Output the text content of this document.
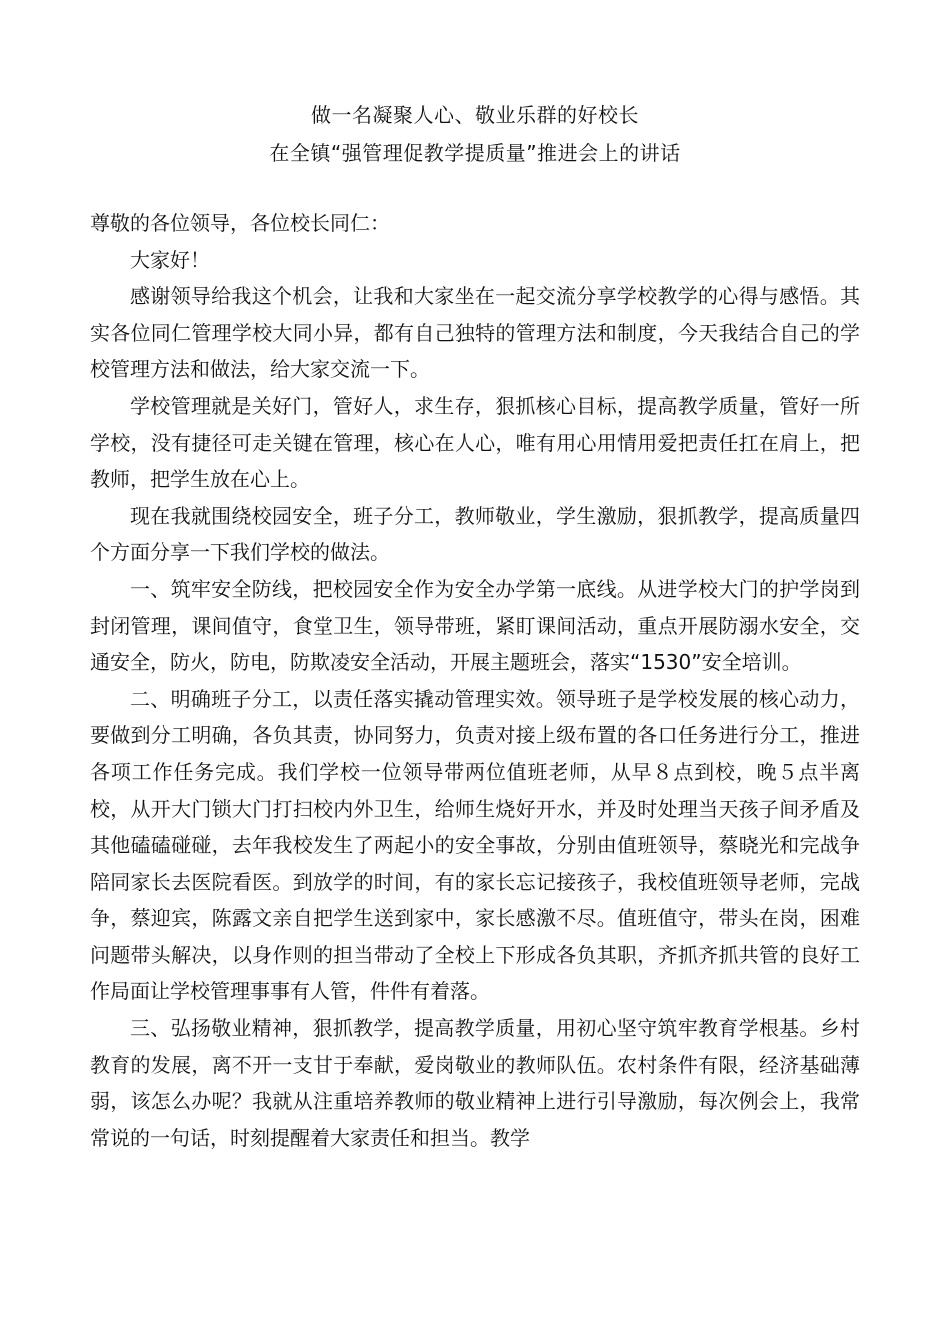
做一名凝聚人心、敬业乐群的好校长
在全镇“强管理促教学提质量”推进会上的讲话

尊敬的各位领导，各位校长同仁：

大家好！

感谢领导给我这个机会，让我和大家坐在一起交流分享学校教学的心得与感悟。其实各位同仁管理学校大同小异，都有自己独特的管理方法和制度，今天我结合自己的学校管理方法和做法，给大家交流一下。

学校管理就是关好门，管好人，求生存，狠抓核心目标，提高教学质量，管好一所学校，没有捷径可走关键在管理，核心在人心，唯有用心用情用爱把责任扛在肩上，把教师，把学生放在心上。

现在我就围绕校园安全，班子分工，教师敬业，学生激励，狠抓教学，提高质量四个方面分享一下我们学校的做法。

一、筑牢安全防线，把校园安全作为安全办学第一底线。从进学校大门的护学岗到封闭管理，课间值守，食堂卫生，领导带班，紧盯课间活动，重点开展防溺水安全，交通安全，防火，防电，防欺凌安全活动，开展主题班会，落实“1530”安全培训。

二、明确班子分工，以责任落实撬动管理实效。领导班子是学校发展的核心动力，要做到分工明确，各负其责，协同努力，负责对接上级布置的各口任务进行分工，推进各项工作任务完成。我们学校一位领导带两位值班老师，从早８点到校，晚５点半离校，从开大门锁大门打扫校内外卫生，给师生烧好开水，并及时处理当天孩子间矛盾及其他磕磕碰碰，去年我校发生了两起小的安全事故，分别由值班领导，蔡晓光和完战争陪同家长去医院看医。到放学的时间，有的家长忘记接孩子，我校值班领导老师，完战争，蔡迎宾，陈露文亲自把学生送到家中，家长感激不尽。值班值守，带头在岗，困难问题带头解决，以身作则的担当带动了全校上下形成各负其职，齐抓齐抓共管的良好工作局面让学校管理事事有人管，件件有着落。

三、弘扬敬业精神，狠抓教学，提高教学质量，用初心坚守筑牢教育学根基。乡村教育的发展，离不开一支甘于奉献，爱岗敬业的教师队伍。农村条件有限，经济基础薄弱，该怎么办呢？我就从注重培养教师的敬业精神上进行引导激励，每次例会上，我常常说的一句话，时刻提醒着大家责任和担当。教学
